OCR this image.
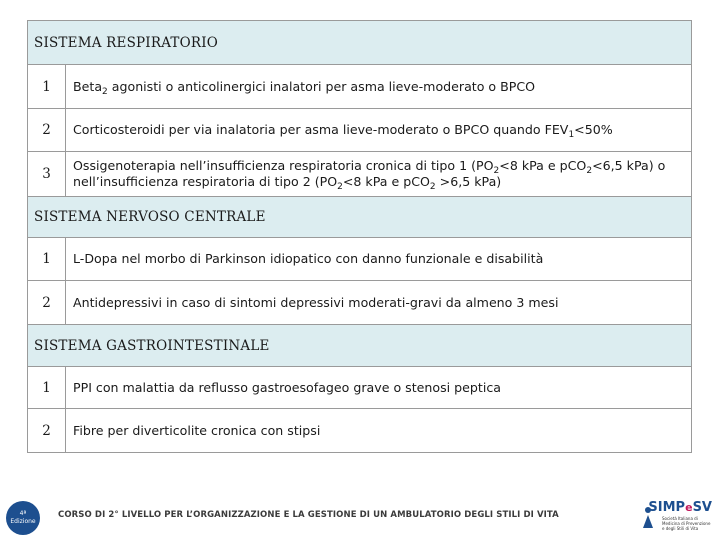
SISTEMA RESPIRATORIO	
1	Beta$_2$ agonisti o anticolinergici inalatori per asma lieve-moderato o BPCO
2	Corticosteroidi per via inalatoria per asma lieve-moderato o BPCO quando $FEV_1<50\%$
3	Ossigenoterapia nell’insufficienza respiratoria cronica di tipo 1 ($PO_2<8$ kPa e pCO$_2$<6,5 kPa) o nell’insufficienza respiratoria di tipo 2 ($PO_2<8$ kPa e pCO$_2$ >6,5 kPa)
SISTEMA NERVOSO CENTRALE	
1	L-Dopa nel morbo di Parkinson idiopatico con danno funzionale e disabilità
2	Antidepressivi in caso di sintomi depressivi moderati-gravi da almeno 3 mesi
SISTEMA GASTROINTESTINALE	
1	PPI con malattia da reflusso gastroesofageo grave o stenosi peptica
2	Fibre per diverticolite cronica con stipsi
4ª
Edizione
CORSO DI 2° LIVELLO PER L’ORGANIZZAZIONE E LA GESTIONE DI UN AMBULATORIO DEGLI STILI DI VITA	SIMPeSV
Società Italiana di Medicina di Prevenzione e degli Stili di Vita
